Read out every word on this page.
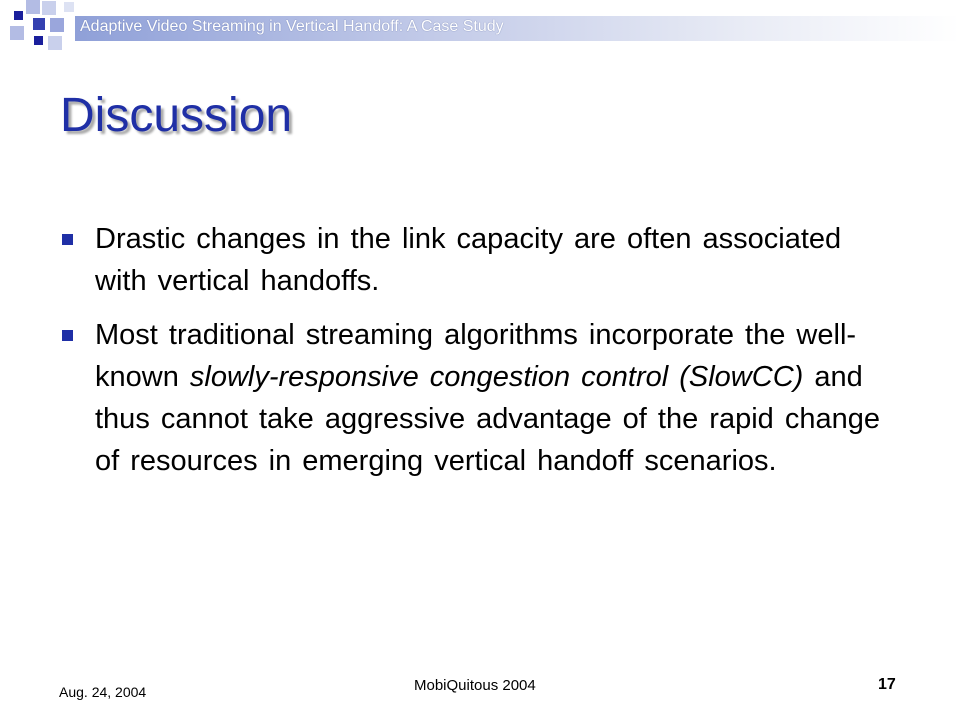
Adaptive Video Streaming in Vertical Handoff: A Case Study
Discussion
Drastic changes in the link capacity are often associated with vertical handoffs.
Most traditional streaming algorithms incorporate the well-known slowly-responsive congestion control (SlowCC) and thus cannot take aggressive advantage of the rapid change of resources in emerging vertical handoff scenarios.
Aug. 24, 2004	MobiQuitous 2004	17
